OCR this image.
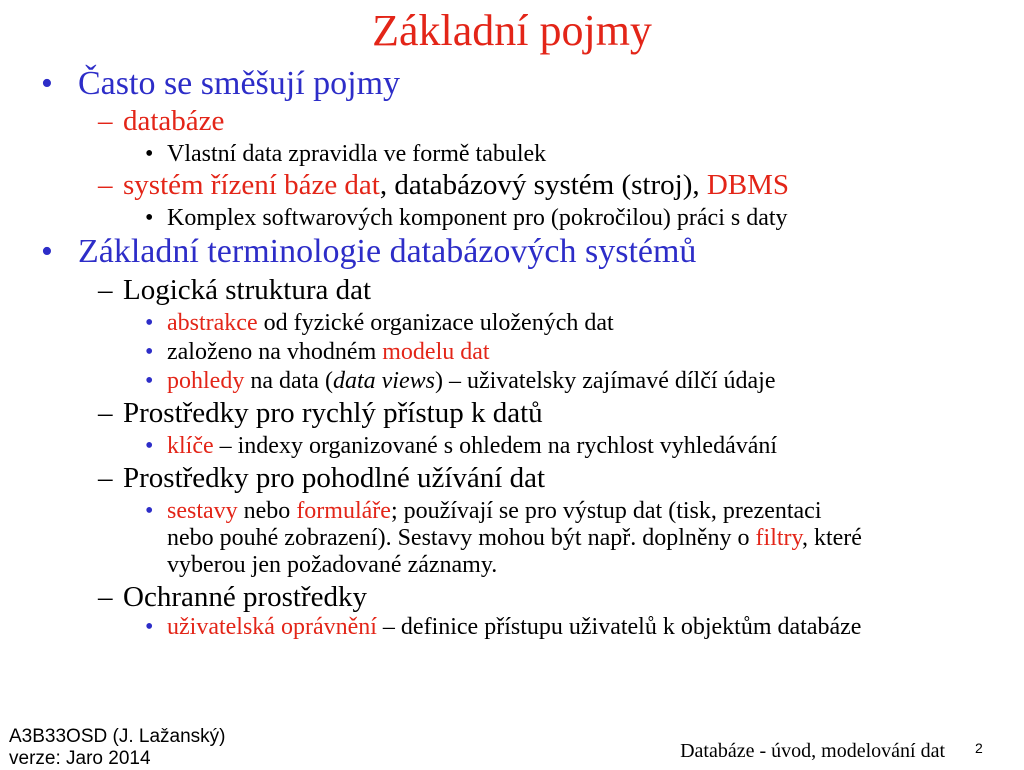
Základní pojmy
• Často se směšují pojmy
– databáze
• Vlastní data zpravidla ve formě tabulek
– systém řízení báze dat, databázový systém (stroj), DBMS
• Komplex softwarových komponent pro (pokročilou) práci s daty
• Základní terminologie databázových systémů
– Logická struktura dat
• abstrakce od fyzické organizace uložených dat
• založeno na vhodném modelu dat
• pohledy na data (data views) – uživatelsky zajímavé dílčí údaje
– Prostředky pro rychlý přístup k datů
• klíče – indexy organizované s ohledem na rychlost vyhledávání
– Prostředky pro pohodlné užívání dat
• sestavy nebo formuláře; používají se pro výstup dat (tisk, prezentaci
nebo pouhé zobrazení). Sestavy mohou být např. doplněny o filtry, které
vyberou jen požadované záznamy.
– Ochranné prostředky
• uživatelská oprávnění – definice přístupu uživatelů k objektům databáze
A3B33OSD (J. Lažanský)
verze: Jaro 2014	Databáze - úvod, modelování dat 2
